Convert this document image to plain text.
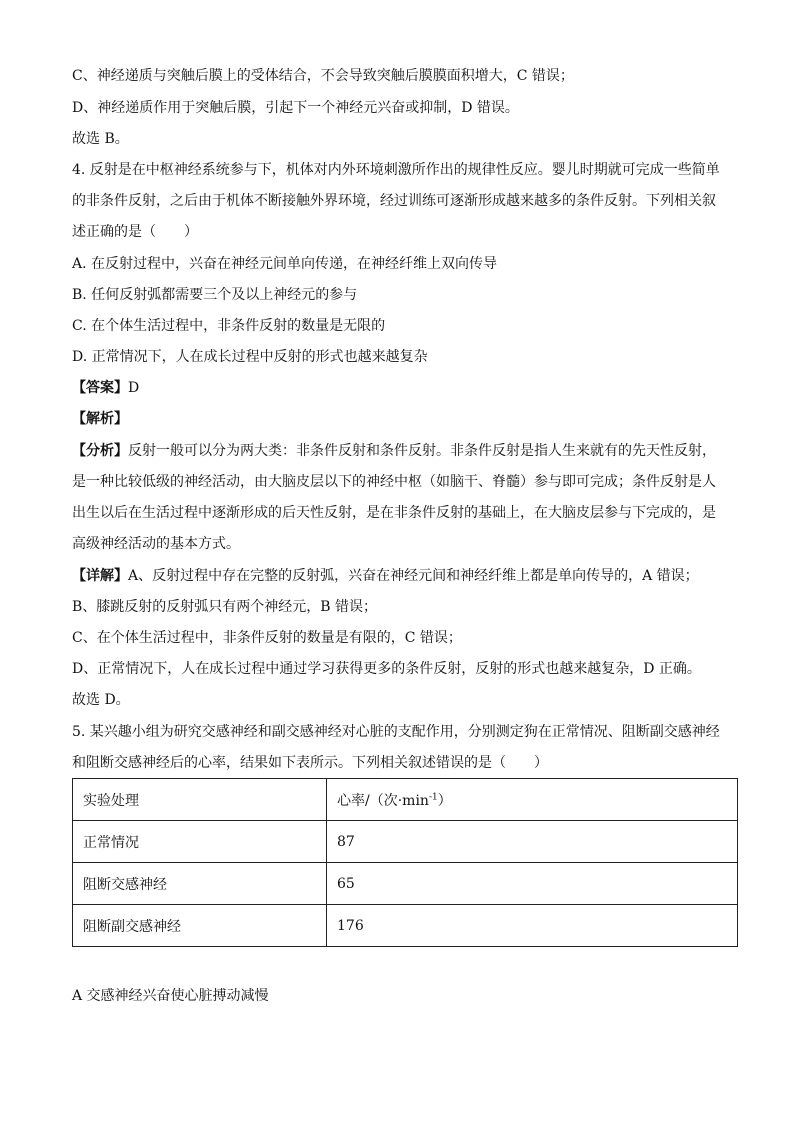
C、神经递质与突触后膜上的受体结合，不会导致突触后膜膜面积增大，C 错误；
D、神经递质作用于突触后膜，引起下一个神经元兴奋或抑制，D 错误。
故选 B。
4. 反射是在中枢神经系统参与下，机体对内外环境刺激所作出的规律性反应。婴儿时期就可完成一些简单
的非条件反射，之后由于机体不断接触外界环境，经过训练可逐渐形成越来越多的条件反射。下列相关叙
述正确的是（　　）
A. 在反射过程中，兴奋在神经元间单向传递，在神经纤维上双向传导
B. 任何反射弧都需要三个及以上神经元的参与
C. 在个体生活过程中，非条件反射的数量是无限的
D. 正常情况下，人在成长过程中反射的形式也越来越复杂
【答案】D
【解析】
【分析】反射一般可以分为两大类：非条件反射和条件反射。非条件反射是指人生来就有的先天性反射，
是一种比较低级的神经活动，由大脑皮层以下的神经中枢（如脑干、脊髓）参与即可完成；条件反射是人
出生以后在生活过程中逐渐形成的后天性反射，是在非条件反射的基础上，在大脑皮层参与下完成的，是
高级神经活动的基本方式。
【详解】A、反射过程中存在完整的反射弧，兴奋在神经元间和神经纤维上都是单向传导的，A 错误；
B、膝跳反射的反射弧只有两个神经元，B 错误；
C、在个体生活过程中，非条件反射的数量是有限的，C 错误；
D、正常情况下，人在成长过程中通过学习获得更多的条件反射，反射的形式也越来越复杂，D 正确。
故选 D。
5. 某兴趣小组为研究交感神经和副交感神经对心脏的支配作用，分别测定狗在正常情况、阻断副交感神经
和阻断交感神经后的心率，结果如下表所示。下列相关叙述错误的是（　　）
实验处理	心率/（次$\cdot\min^{-1}$）
正常情况	87
阻断交感神经	65
阻断副交感神经	176
A 交感神经兴奋使心脏搏动减慢
